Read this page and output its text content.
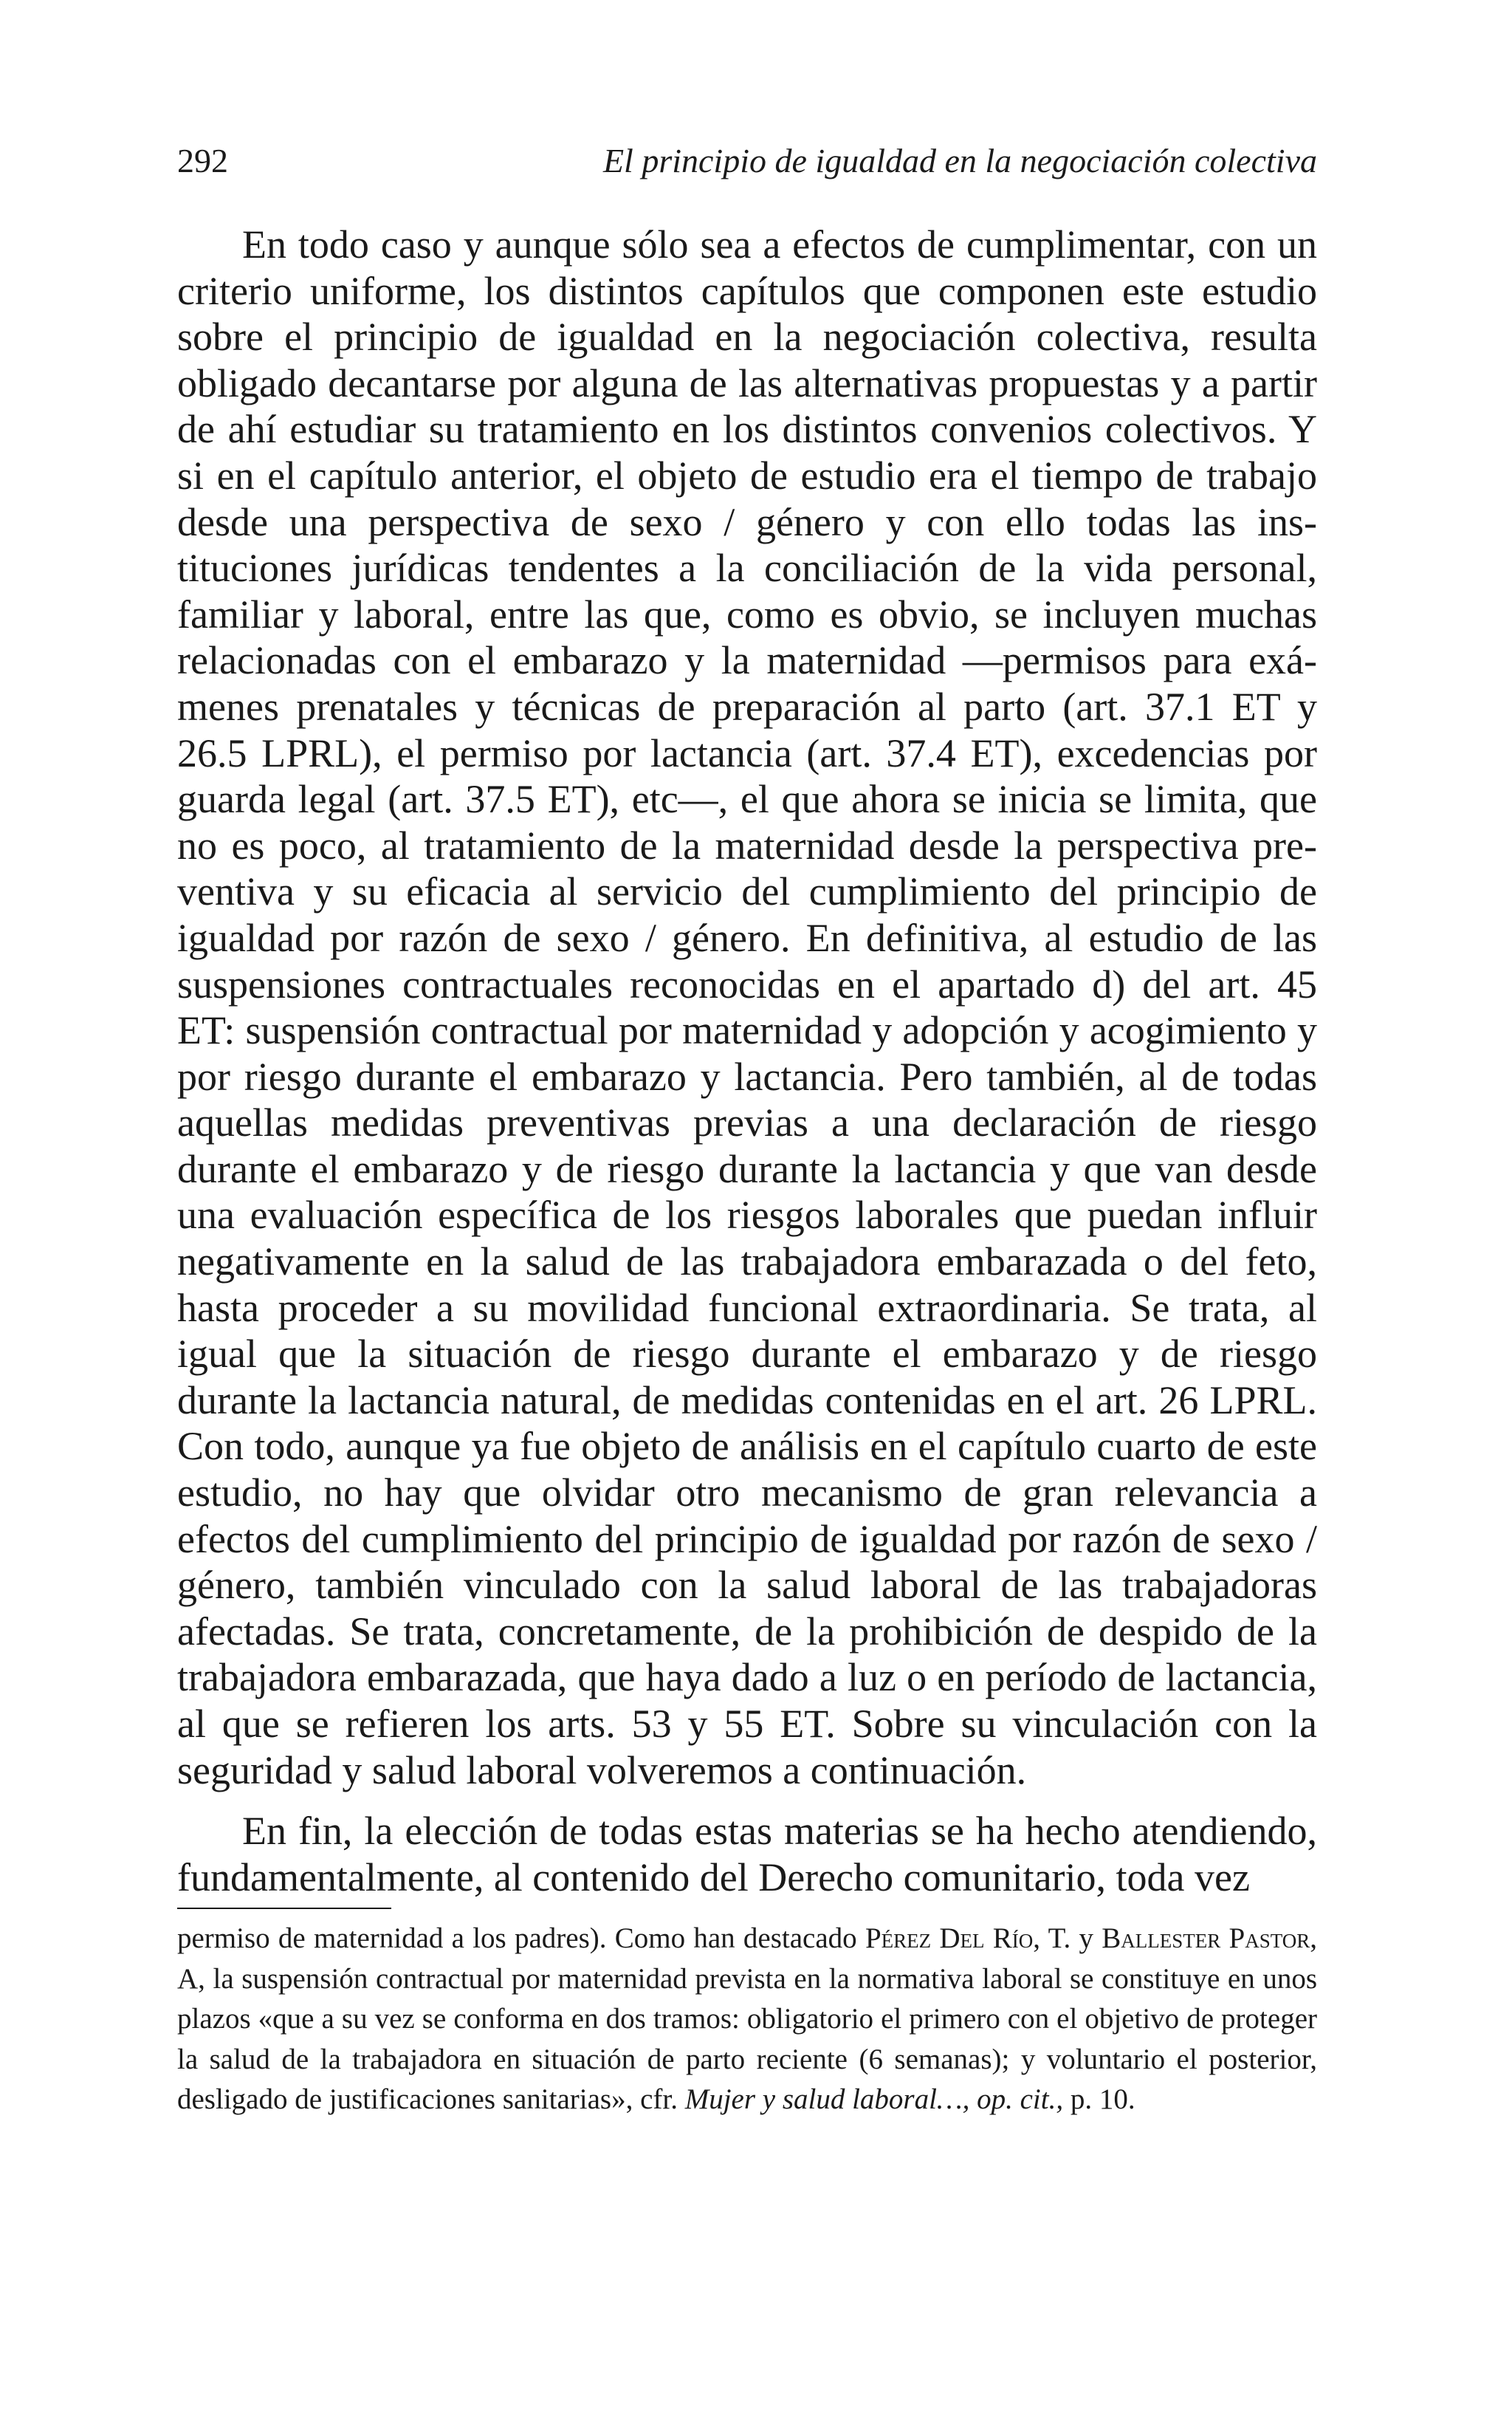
292	El principio de igualdad en la negociación colectiva

En todo caso y aunque sólo sea a efectos de cumplimentar, con un criterio uniforme, los distintos capítulos que componen este estudio sobre el principio de igualdad en la negociación colectiva, resulta obligado decantarse por alguna de las alternativas propuestas y a partir de ahí estudiar su tratamiento en los distintos convenios colectivos. Y si en el capítulo anterior, el objeto de estudio era el tiempo de trabajo desde una perspectiva de sexo / género y con ello todas las instituciones jurídicas tendentes a la conciliación de la vida personal, familiar y laboral, entre las que, como es obvio, se incluyen muchas relacionadas con el embarazo y la maternidad —permisos para exámenes prenatales y técnicas de preparación al parto (art. 37.1 ET y 26.5 LPRL), el permiso por lactancia (art. 37.4 ET), excedencias por guarda legal (art. 37.5 ET), etc—, el que ahora se inicia se limita, que no es poco, al tratamiento de la maternidad desde la perspectiva preventiva y su eficacia al servicio del cumplimiento del principio de igualdad por razón de sexo / género. En definitiva, al estudio de las suspensiones contractuales reconocidas en el apartado d) del art. 45 ET: suspensión contractual por maternidad y adopción y acogimiento y por riesgo durante el embarazo y lactancia. Pero también, al de todas aquellas medidas preventivas previas a una declaración de riesgo durante el embarazo y de riesgo durante la lactancia y que van desde una evaluación específica de los riesgos laborales que puedan influir negativamente en la salud de las trabajadora embarazada o del feto, hasta proceder a su movilidad funcional extraordinaria. Se trata, al igual que la situación de riesgo durante el embarazo y de riesgo durante la lactancia natural, de medidas contenidas en el art. 26 LPRL. Con todo, aunque ya fue objeto de análisis en el capítulo cuarto de este estudio, no hay que olvidar otro mecanismo de gran relevancia a efectos del cumplimiento del principio de igualdad por razón de sexo / género, también vinculado con la salud laboral de las trabajadoras afectadas. Se trata, concretamente, de la prohibición de despido de la trabajadora embarazada, que haya dado a luz o en período de lactancia, al que se refieren los arts. 53 y 55 ET. Sobre su vinculación con la seguridad y salud laboral volveremos a continuación.

En fin, la elección de todas estas materias se ha hecho atendiendo, fundamentalmente, al contenido del Derecho comunitario, toda vez

permiso de maternidad a los padres). Como han destacado Pérez Del Río, T. y Ballester Pastor, A, la suspensión contractual por maternidad prevista en la normativa laboral se constituye en unos plazos «que a su vez se conforma en dos tramos: obligatorio el primero con el objetivo de proteger la salud de la trabajadora en situación de parto reciente (6 semanas); y voluntario el posterior, desligado de justificaciones sanitarias», cfr. Mujer y salud laboral…, op. cit., p. 10.
